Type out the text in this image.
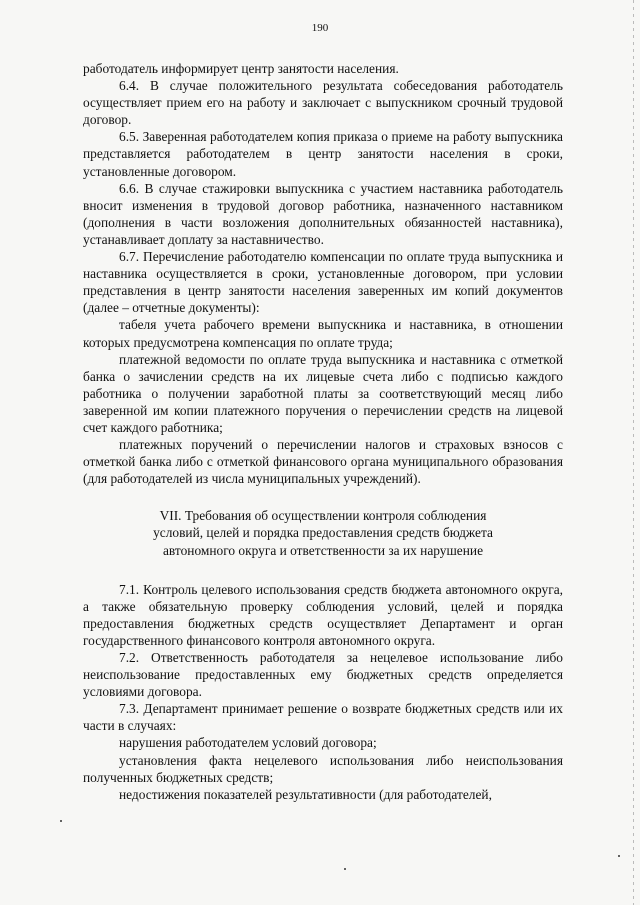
190

работодатель информирует центр занятости населения.

6.4. В случае положительного результата собеседования работодатель осуществляет прием его на работу и заключает с выпускником срочный трудовой договор.

6.5. Заверенная работодателем копия приказа о приеме на работу выпускника представляется работодателем в центр занятости населения в сроки, установленные договором.

6.6. В случае стажировки выпускника с участием наставника работодатель вносит изменения в трудовой договор работника, назначенного наставником (дополнения в части возложения дополнительных обязанностей наставника), устанавливает доплату за наставничество.

6.7. Перечисление работодателю компенсации по оплате труда выпускника и наставника осуществляется в сроки, установленные договором, при условии представления в центр занятости населения заверенных им копий документов (далее – отчетные документы):

табеля учета рабочего времени выпускника и наставника, в отношении которых предусмотрена компенсация по оплате труда;

платежной ведомости по оплате труда выпускника и наставника с отметкой банка о зачислении средств на их лицевые счета либо с подписью каждого работника о получении заработной платы за соответствующий месяц либо заверенной им копии платежного поручения о перечислении средств на лицевой счет каждого работника;

платежных поручений о перечислении налогов и страховых взносов с отметкой банка либо с отметкой финансового органа муниципального образования (для работодателей из числа муниципальных учреждений).

VII. Требования об осуществлении контроля соблюдения
условий, целей и порядка предоставления средств бюджета
автономного округа и ответственности за их нарушение

7.1. Контроль целевого использования средств бюджета автономного округа, а также обязательную проверку соблюдения условий, целей и порядка предоставления бюджетных средств осуществляет Департамент и орган государственного финансового контроля автономного округа.

7.2. Ответственность работодателя за нецелевое использование либо неиспользование предоставленных ему бюджетных средств определяется условиями договора.

7.3. Департамент принимает решение о возврате бюджетных средств или их части в случаях:

нарушения работодателем условий договора;

установления факта нецелевого использования либо неиспользования полученных бюджетных средств;

недостижения показателей результативности (для работодателей,
